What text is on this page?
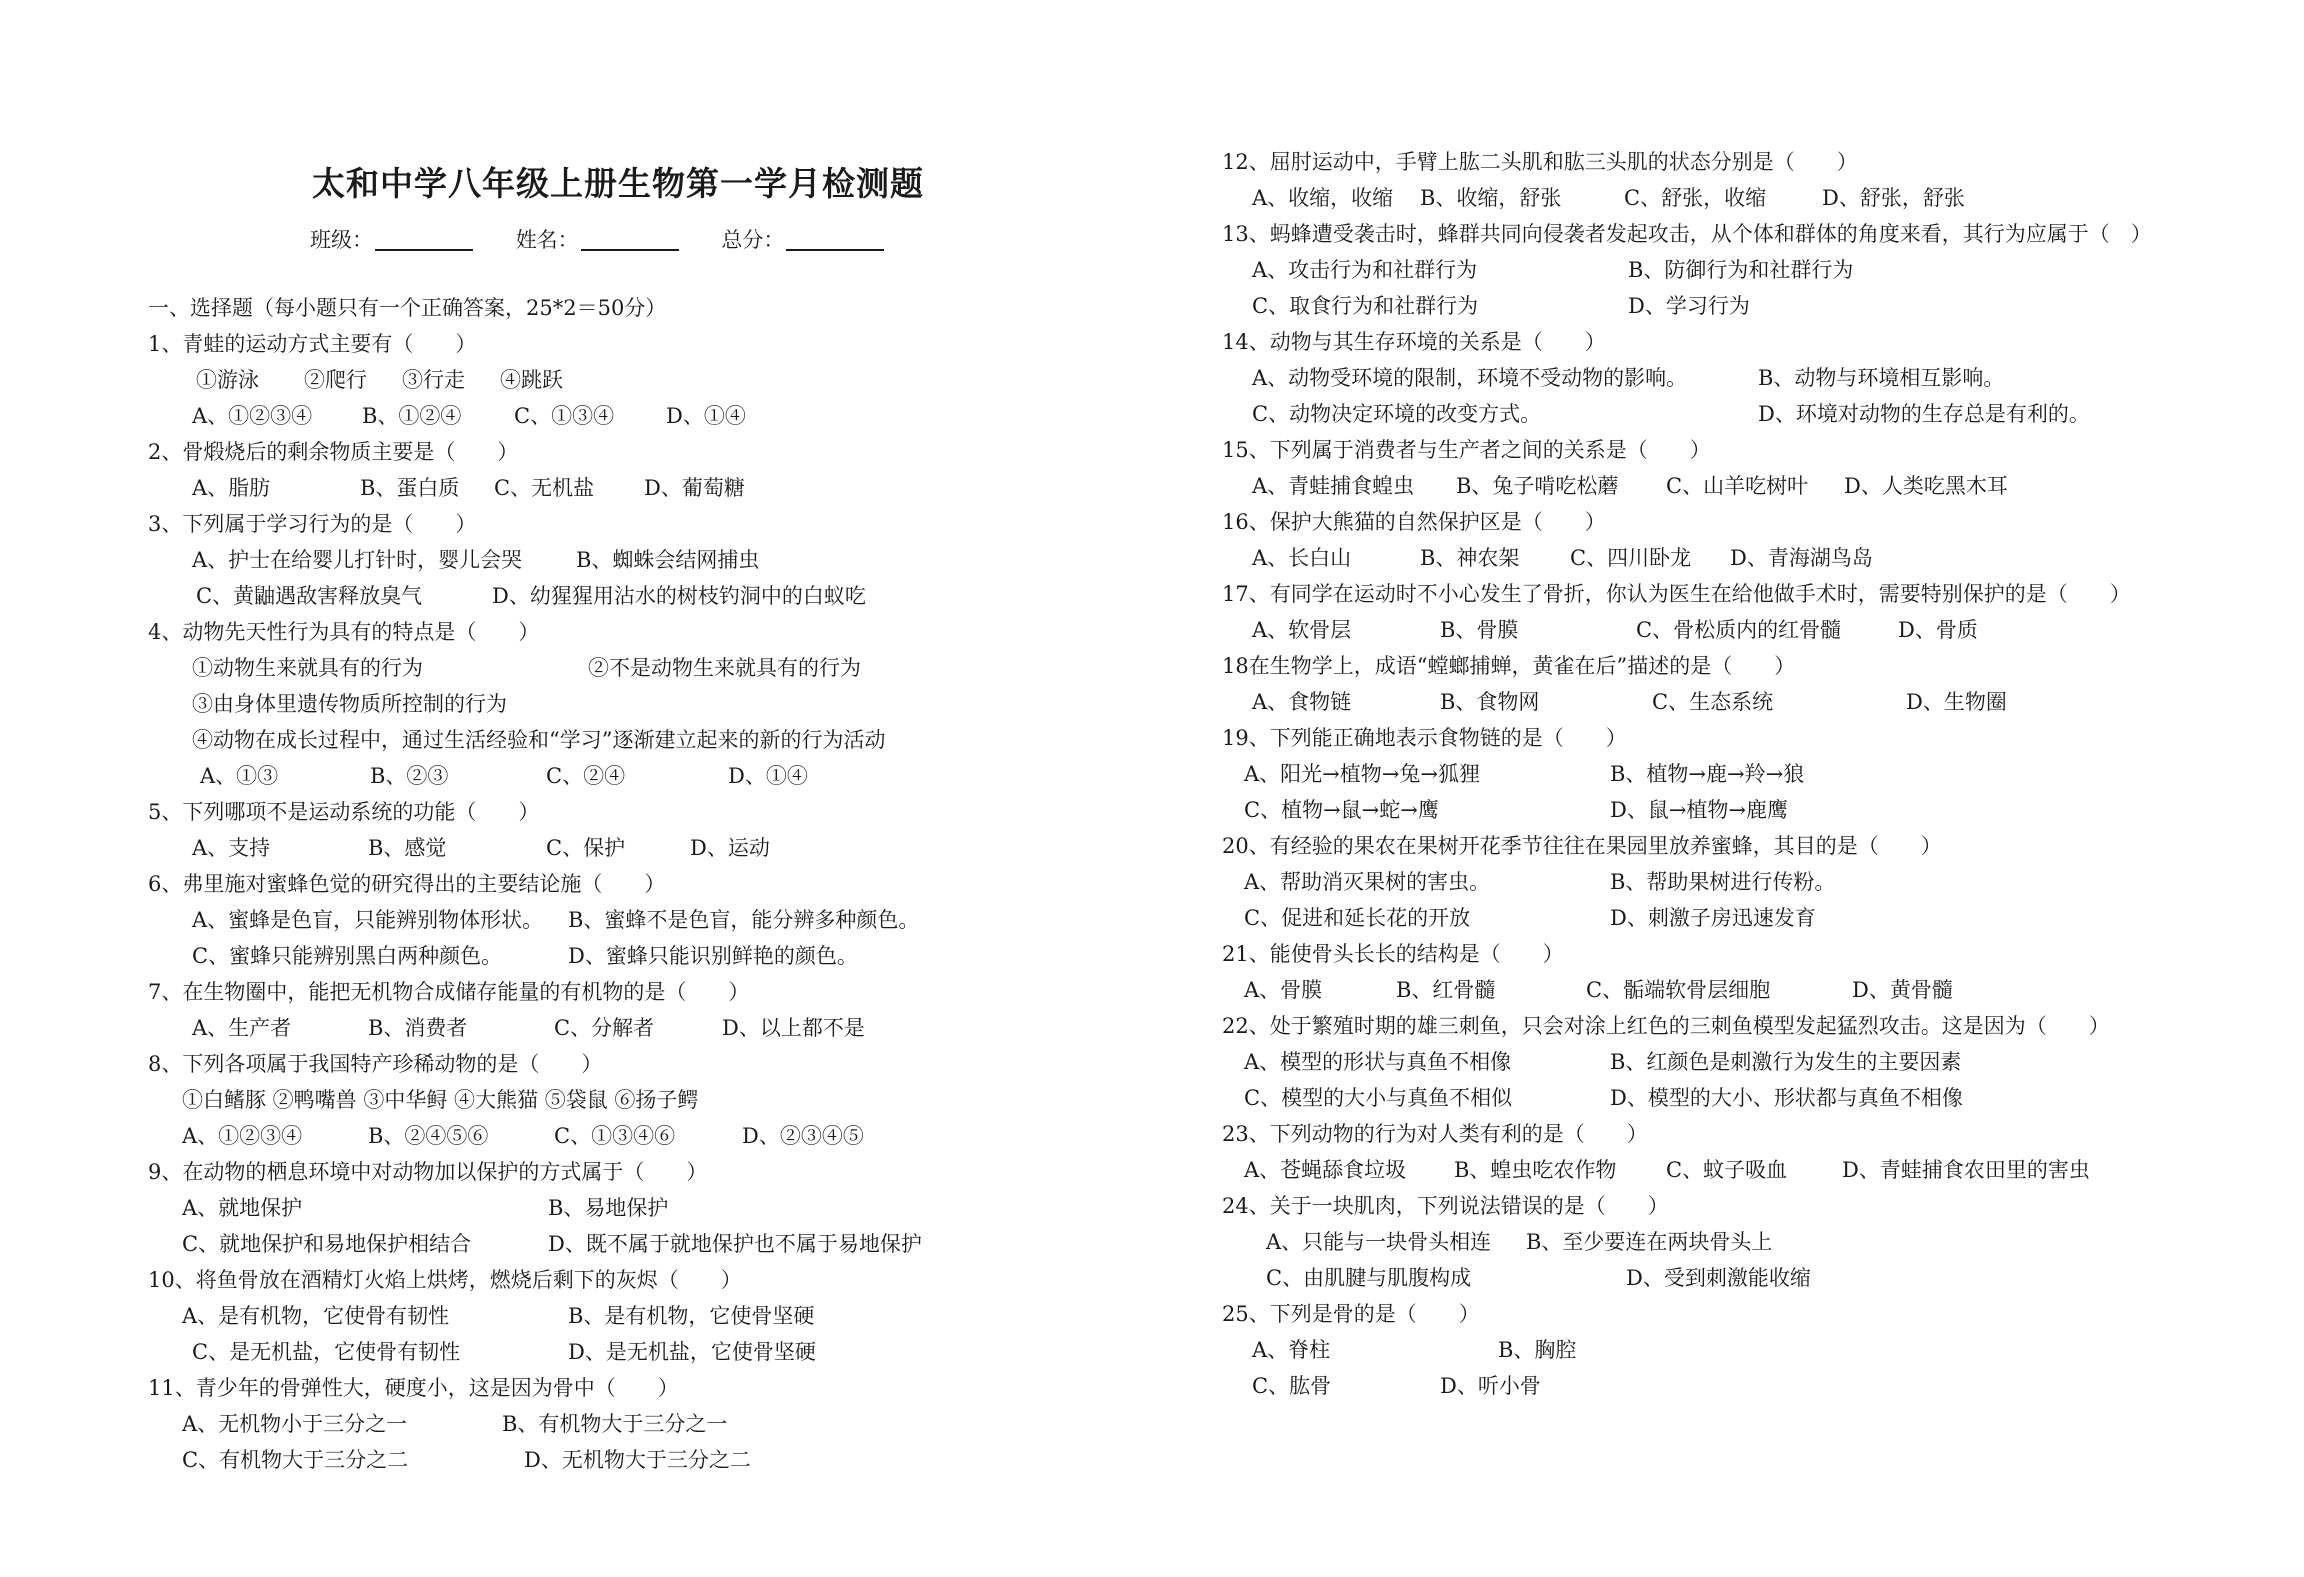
太和中学八年级上册生物第一学月检测题
班级：	姓名：	总分：
一、选择题（每小题只有一个正确答案，25*2＝50分）
1、青蛙的运动方式主要有（　　）
①游泳 ②爬行 ③行走 ④跳跃
A、①②③④ B、①②④	C、①③④ D、①④
2、骨煅烧后的剩余物质主要是（　　）
A、脂肪	B、蛋白质 C、无机盐 D、葡萄糖
3、下列属于学习行为的是（　　）
A、护士在给婴儿打针时，婴儿会哭	B、蜘蛛会结网捕虫
C、黄鼬遇敌害释放臭气	D、幼猩猩用沾水的树枝钓洞中的白蚁吃
4、动物先天性行为具有的特点是（　　）
①动物生来就具有的行为	②不是动物生来就具有的行为
③由身体里遗传物质所控制的行为
④动物在成长过程中，通过生活经验和“学习”逐渐建立起来的新的行为活动
A、①③	B、②③	C、②④	D、①④
5、下列哪项不是运动系统的功能（　　）
A、支持	B、感觉	C、保护	D、运动
6、弗里施对蜜蜂色觉的研究得出的主要结论施（　　）
A、蜜蜂是色盲，只能辨别物体形状。 B、蜜蜂不是色盲，能分辨多种颜色。
C、蜜蜂只能辨别黑白两种颜色。	D、蜜蜂只能识别鲜艳的颜色。
7、在生物圈中，能把无机物合成储存能量的有机物的是（　　）
A、生产者	B、消费者	C、分解者	D、以上都不是
8、下列各项属于我国特产珍稀动物的是（　　）
①白鳍豚 ②鸭嘴兽 ③中华鲟 ④大熊猫 ⑤袋鼠 ⑥扬子鳄
A、①②③④	B、②④⑤⑥	C、①③④⑥	D、②③④⑤
9、在动物的栖息环境中对动物加以保护的方式属于（　　）
A、就地保护	B、易地保护
C、就地保护和易地保护相结合	D、既不属于就地保护也不属于易地保护
10、将鱼骨放在酒精灯火焰上烘烤，燃烧后剩下的灰烬（　　）
A、是有机物，它使骨有韧性	B、是有机物，它使骨坚硬
C、是无机盐，它使骨有韧性	D、是无机盐，它使骨坚硬
11、青少年的骨弹性大，硬度小，这是因为骨中（　　）
A、无机物小于三分之一	B、有机物大于三分之一
C、有机物大于三分之二	D、无机物大于三分之二
12、屈肘运动中，手臂上肱二头肌和肱三头肌的状态分别是（　　）
A、收缩，收缩 B、收缩，舒张	C、舒张，收缩	D、舒张，舒张
13、蚂蜂遭受袭击时，蜂群共同向侵袭者发起攻击，从个体和群体的角度来看，其行为应属于（　）
A、攻击行为和社群行为	B、防御行为和社群行为
C、取食行为和社群行为	D、学习行为
14、动物与其生存环境的关系是（　　）
A、动物受环境的限制，环境不受动物的影响。	B、动物与环境相互影响。
C、动物决定环境的改变方式。	D、环境对动物的生存总是有利的。
15、下列属于消费者与生产者之间的关系是（　　）
A、青蛙捕食蝗虫 B、兔子啃吃松蘑 C、山羊吃树叶 D、人类吃黑木耳
16、保护大熊猫的自然保护区是（　　）
A、长白山	B、神农架 C、四川卧龙 D、青海湖鸟岛
17、有同学在运动时不小心发生了骨折，你认为医生在给他做手术时，需要特别保护的是（　　）
A、软骨层	B、骨膜	C、骨松质内的红骨髓	D、骨质
18在生物学上，成语“螳螂捕蝉，黄雀在后”描述的是（　　）
A、食物链	B、食物网	C、生态系统	D、生物圈
19、下列能正确地表示食物链的是（　　）
A、阳光→植物→兔→狐狸	B、植物→鹿→羚→狼
C、植物→鼠→蛇→鹰	D、鼠→植物→鹿鹰
20、有经验的果农在果树开花季节往往在果园里放养蜜蜂，其目的是（　　）
A、帮助消灭果树的害虫。	B、帮助果树进行传粉。
C、促进和延长花的开放	D、刺激子房迅速发育
21、能使骨头长长的结构是（　　）
A、骨膜	B、红骨髓	C、骺端软骨层细胞	D、黄骨髓
22、处于繁殖时期的雄三刺鱼，只会对涂上红色的三刺鱼模型发起猛烈攻击。这是因为（　　）
A、模型的形状与真鱼不相像	B、红颜色是刺激行为发生的主要因素
C、模型的大小与真鱼不相似	D、模型的大小、形状都与真鱼不相像
23、下列动物的行为对人类有利的是（　　）
A、苍蝇舔食垃圾 B、蝗虫吃农作物 C、蚊子吸血	D、青蛙捕食农田里的害虫
24、关于一块肌肉，下列说法错误的是（　　）
A、只能与一块骨头相连 B、至少要连在两块骨头上
C、由肌腱与肌腹构成	D、受到刺激能收缩
25、下列是骨的是（　　）
A、脊柱	B、胸腔
C、肱骨	D、听小骨
